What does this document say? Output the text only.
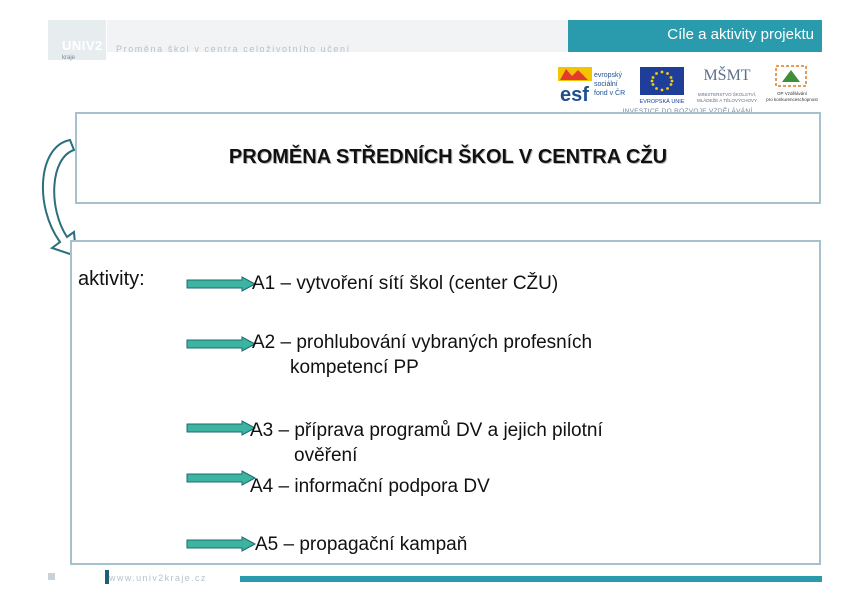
UNIV2
kraje
Proměna škol v centra celoživotního učení
Cíle a aktivity projektu
esf
evropský
sociální
fond v ČR
EVROPSKÁ UNIE
MŠMT
MINISTERSTVO ŠKOLSTVÍ,
MLÁDEŽE A TĚLOVÝCHOVY
OP Vzdělávání
pro konkurenceschopnost
PROMĚNA STŘEDNÍCH ŠKOL V CENTRA CŽU
aktivity:	A1 – vytvoření sítí škol (center CŽU)
A2 – prohlubování vybraných profesních
kompetencí PP
A3 – příprava programů DV a jejich pilotní
ověření
A4 – informační podpora DV
A5 – propagační kampaň
www.univ2kraje.cz
